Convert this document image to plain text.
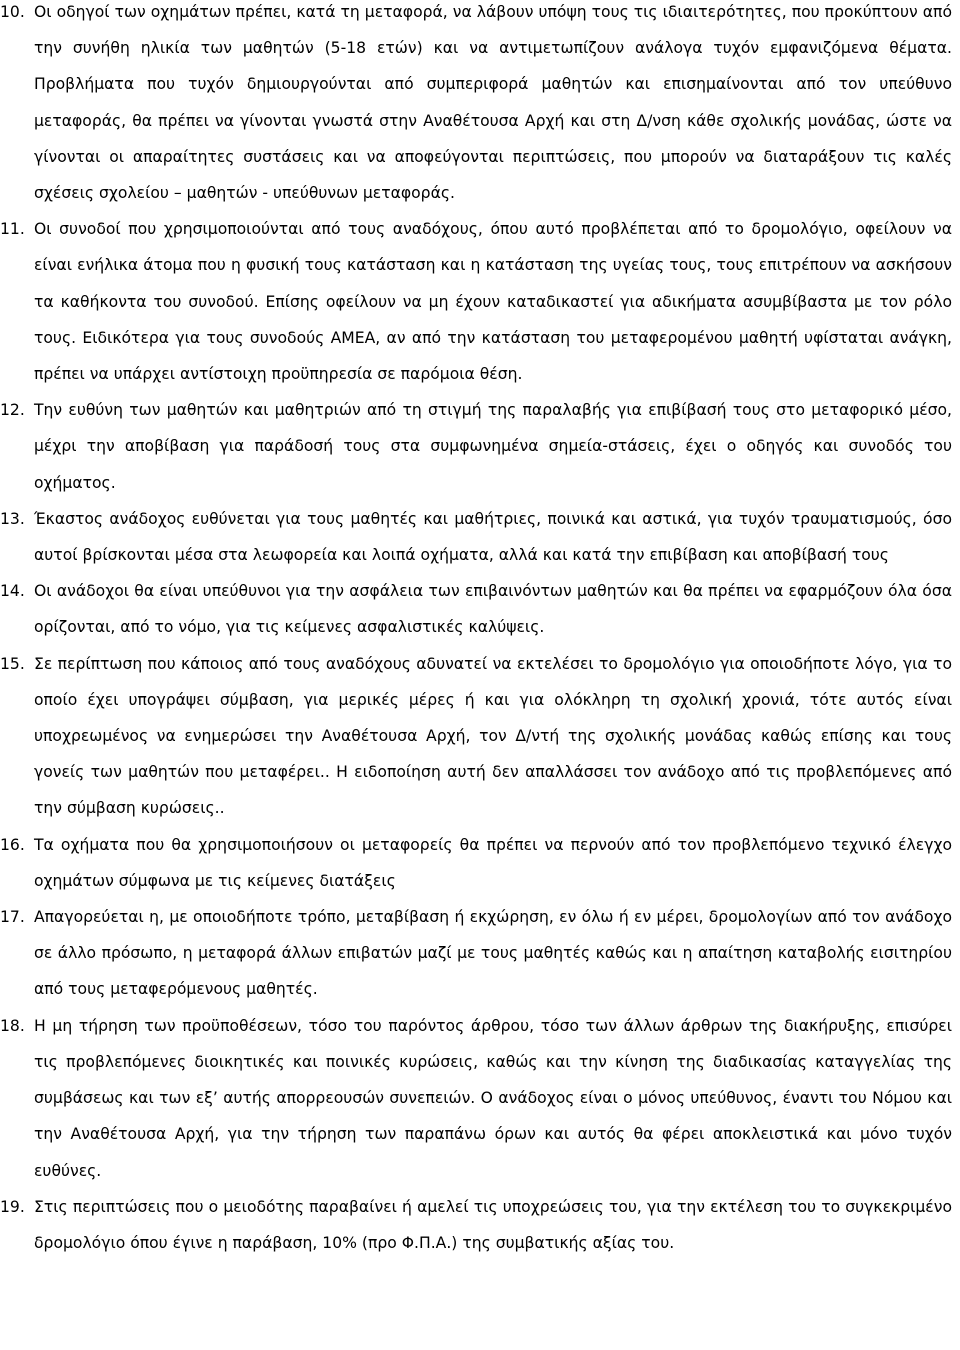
10. Οι οδηγοί των οχημάτων πρέπει, κατά τη μεταφορά, να λάβουν υπόψη τους τις ιδιαιτερότητες, που προκύπτουν από την συνήθη ηλικία των μαθητών (5-18 ετών) και να αντιμετωπίζουν ανάλογα τυχόν εμφανιζόμενα θέματα. Προβλήματα που τυχόν δημιουργούνται από συμπεριφορά μαθητών και επισημαίνονται από τον υπεύθυνο μεταφοράς, θα πρέπει να γίνονται γνωστά στην Αναθέτουσα Αρχή και στη Δ/νση κάθε σχολικής μονάδας, ώστε να γίνονται οι απαραίτητες συστάσεις και να αποφεύγονται περιπτώσεις, που μπορούν να διαταράξουν τις καλές σχέσεις σχολείου – μαθητών - υπεύθυνων μεταφοράς.

11. Οι συνοδοί που χρησιμοποιούνται από τους αναδόχους, όπου αυτό προβλέπεται από το δρομολόγιο, οφείλουν να είναι ενήλικα άτομα που η φυσική τους κατάσταση και η κατάσταση της υγείας τους, τους επιτρέπουν να ασκήσουν τα καθήκοντα του συνοδού. Επίσης οφείλουν να μη έχουν καταδικαστεί για αδικήματα ασυμβίβαστα με τον ρόλο τους. Ειδικότερα για τους συνοδούς ΑΜΕΑ, αν από την κατάσταση του μεταφερομένου μαθητή υφίσταται ανάγκη, πρέπει να υπάρχει αντίστοιχη προϋπηρεσία σε παρόμοια θέση.

12. Την ευθύνη των μαθητών και μαθητριών από τη στιγμή της παραλαβής για επιβίβασή τους στο μεταφορικό μέσο, μέχρι την αποβίβαση για παράδοσή τους στα συμφωνημένα σημεία-στάσεις, έχει ο οδηγός και συνοδός του οχήματος.

13. Έκαστος ανάδοχος ευθύνεται για τους μαθητές και μαθήτριες, ποινικά και αστικά, για τυχόν τραυματισμούς, όσο αυτοί βρίσκονται μέσα στα λεωφορεία και λοιπά οχήματα, αλλά και κατά την επιβίβαση και αποβίβασή τους

14. Οι ανάδοχοι θα είναι υπεύθυνοι για την ασφάλεια των επιβαινόντων μαθητών και θα πρέπει να εφαρμόζουν όλα όσα ορίζονται, από το νόμο, για τις κείμενες ασφαλιστικές καλύψεις.

15. Σε περίπτωση που κάποιος από τους αναδόχους αδυνατεί να εκτελέσει το δρομολόγιο για οποιοδήποτε λόγο, για το οποίο έχει υπογράψει σύμβαση, για μερικές μέρες ή και για ολόκληρη τη σχολική χρονιά, τότε αυτός είναι υποχρεωμένος να ενημερώσει την Αναθέτουσα Αρχή, τον Δ/ντή της σχολικής μονάδας καθώς επίσης και τους γονείς των μαθητών που μεταφέρει.. Η ειδοποίηση αυτή δεν απαλλάσσει τον ανάδοχο από τις προβλεπόμενες από την σύμβαση κυρώσεις..

16. Τα οχήματα που θα χρησιμοποιήσουν οι μεταφορείς θα πρέπει να περνούν από τον προβλεπόμενο τεχνικό έλεγχο οχημάτων σύμφωνα με τις κείμενες διατάξεις

17. Απαγορεύεται η, με οποιοδήποτε τρόπο, μεταβίβαση ή εκχώρηση, εν όλω ή εν μέρει, δρομολογίων από τον ανάδοχο σε άλλο πρόσωπο, η μεταφορά άλλων επιβατών μαζί με τους μαθητές καθώς και η απαίτηση καταβολής εισιτηρίου από τους μεταφερόμενους μαθητές.

18. Η μη τήρηση των προϋποθέσεων, τόσο του παρόντος άρθρου, τόσο των άλλων άρθρων της διακήρυξης, επισύρει τις προβλεπόμενες διοικητικές και ποινικές κυρώσεις, καθώς και την κίνηση της διαδικασίας καταγγελίας της συμβάσεως και των εξ’ αυτής απορρεουσών συνεπειών. Ο ανάδοχος είναι ο μόνος υπεύθυνος, έναντι του Νόμου και την Αναθέτουσα Αρχή, για την τήρηση των παραπάνω όρων και αυτός θα φέρει αποκλειστικά και μόνο τυχόν ευθύνες.

19. Στις περιπτώσεις που ο μειοδότης παραβαίνει ή αμελεί τις υποχρεώσεις του, για την εκτέλεση του το συγκεκριμένο δρομολόγιο όπου έγινε η παράβαση, 10% (προ Φ.Π.Α.) της συμβατικής αξίας του.
